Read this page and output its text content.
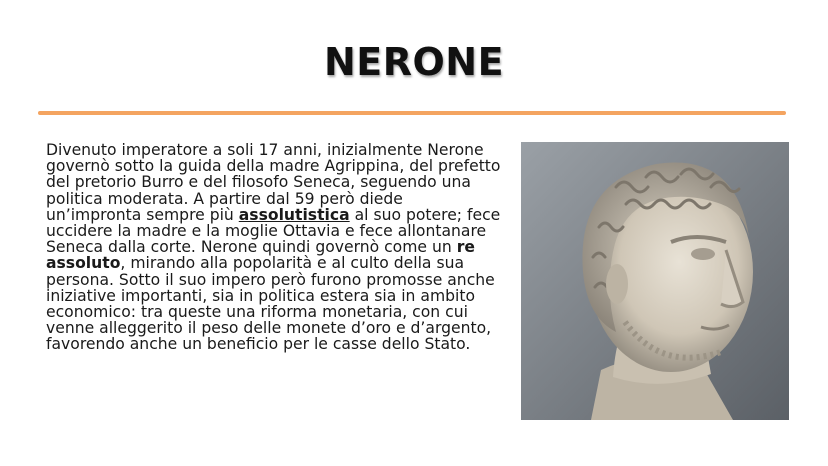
NERONE

Divenuto imperatore a soli 17 anni, inizialmente Nerone governò sotto la guida della madre Agrippina, del prefetto del pretorio Burro e del filosofo Seneca, seguendo una politica moderata. A partire dal 59 però diede un’impronta sempre più assolutistica al suo potere; fece uccidere la madre e la moglie Ottavia e fece allontanare Seneca dalla corte. Nerone quindi governò come un re assoluto, mirando alla popolarità e al culto della sua persona. Sotto il suo impero però furono promosse anche iniziative importanti, sia in politica estera sia in ambito economico: tra queste una riforma monetaria, con cui venne alleggerito il peso delle monete d’oro e d’argento, favorendo anche un beneficio per le casse dello Stato.
